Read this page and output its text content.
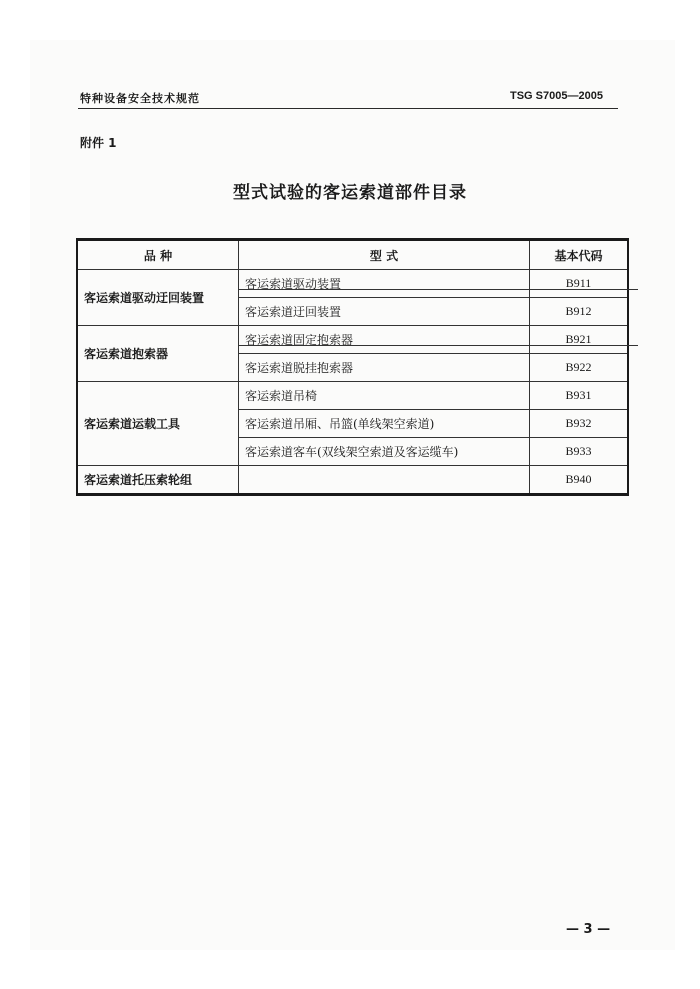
特种设备安全技术规范	TSG S7005—2005
附件 1
型式试验的客运索道部件目录
品 种	型 式	基本代码
客运索道驱动迂回装置	客运索道驱动装置	B911
	客运索道迂回装置	B912
客运索道抱索器	客运索道固定抱索器	B921
	客运索道脱挂抱索器	B922
客运索道运载工具	客运索道吊椅	B931
	客运索道吊厢、吊篮(单线架空索道)	B932
	客运索道客车(双线架空索道及客运缆车)	B933
客运索道托压索轮组		B940
— 3 —
